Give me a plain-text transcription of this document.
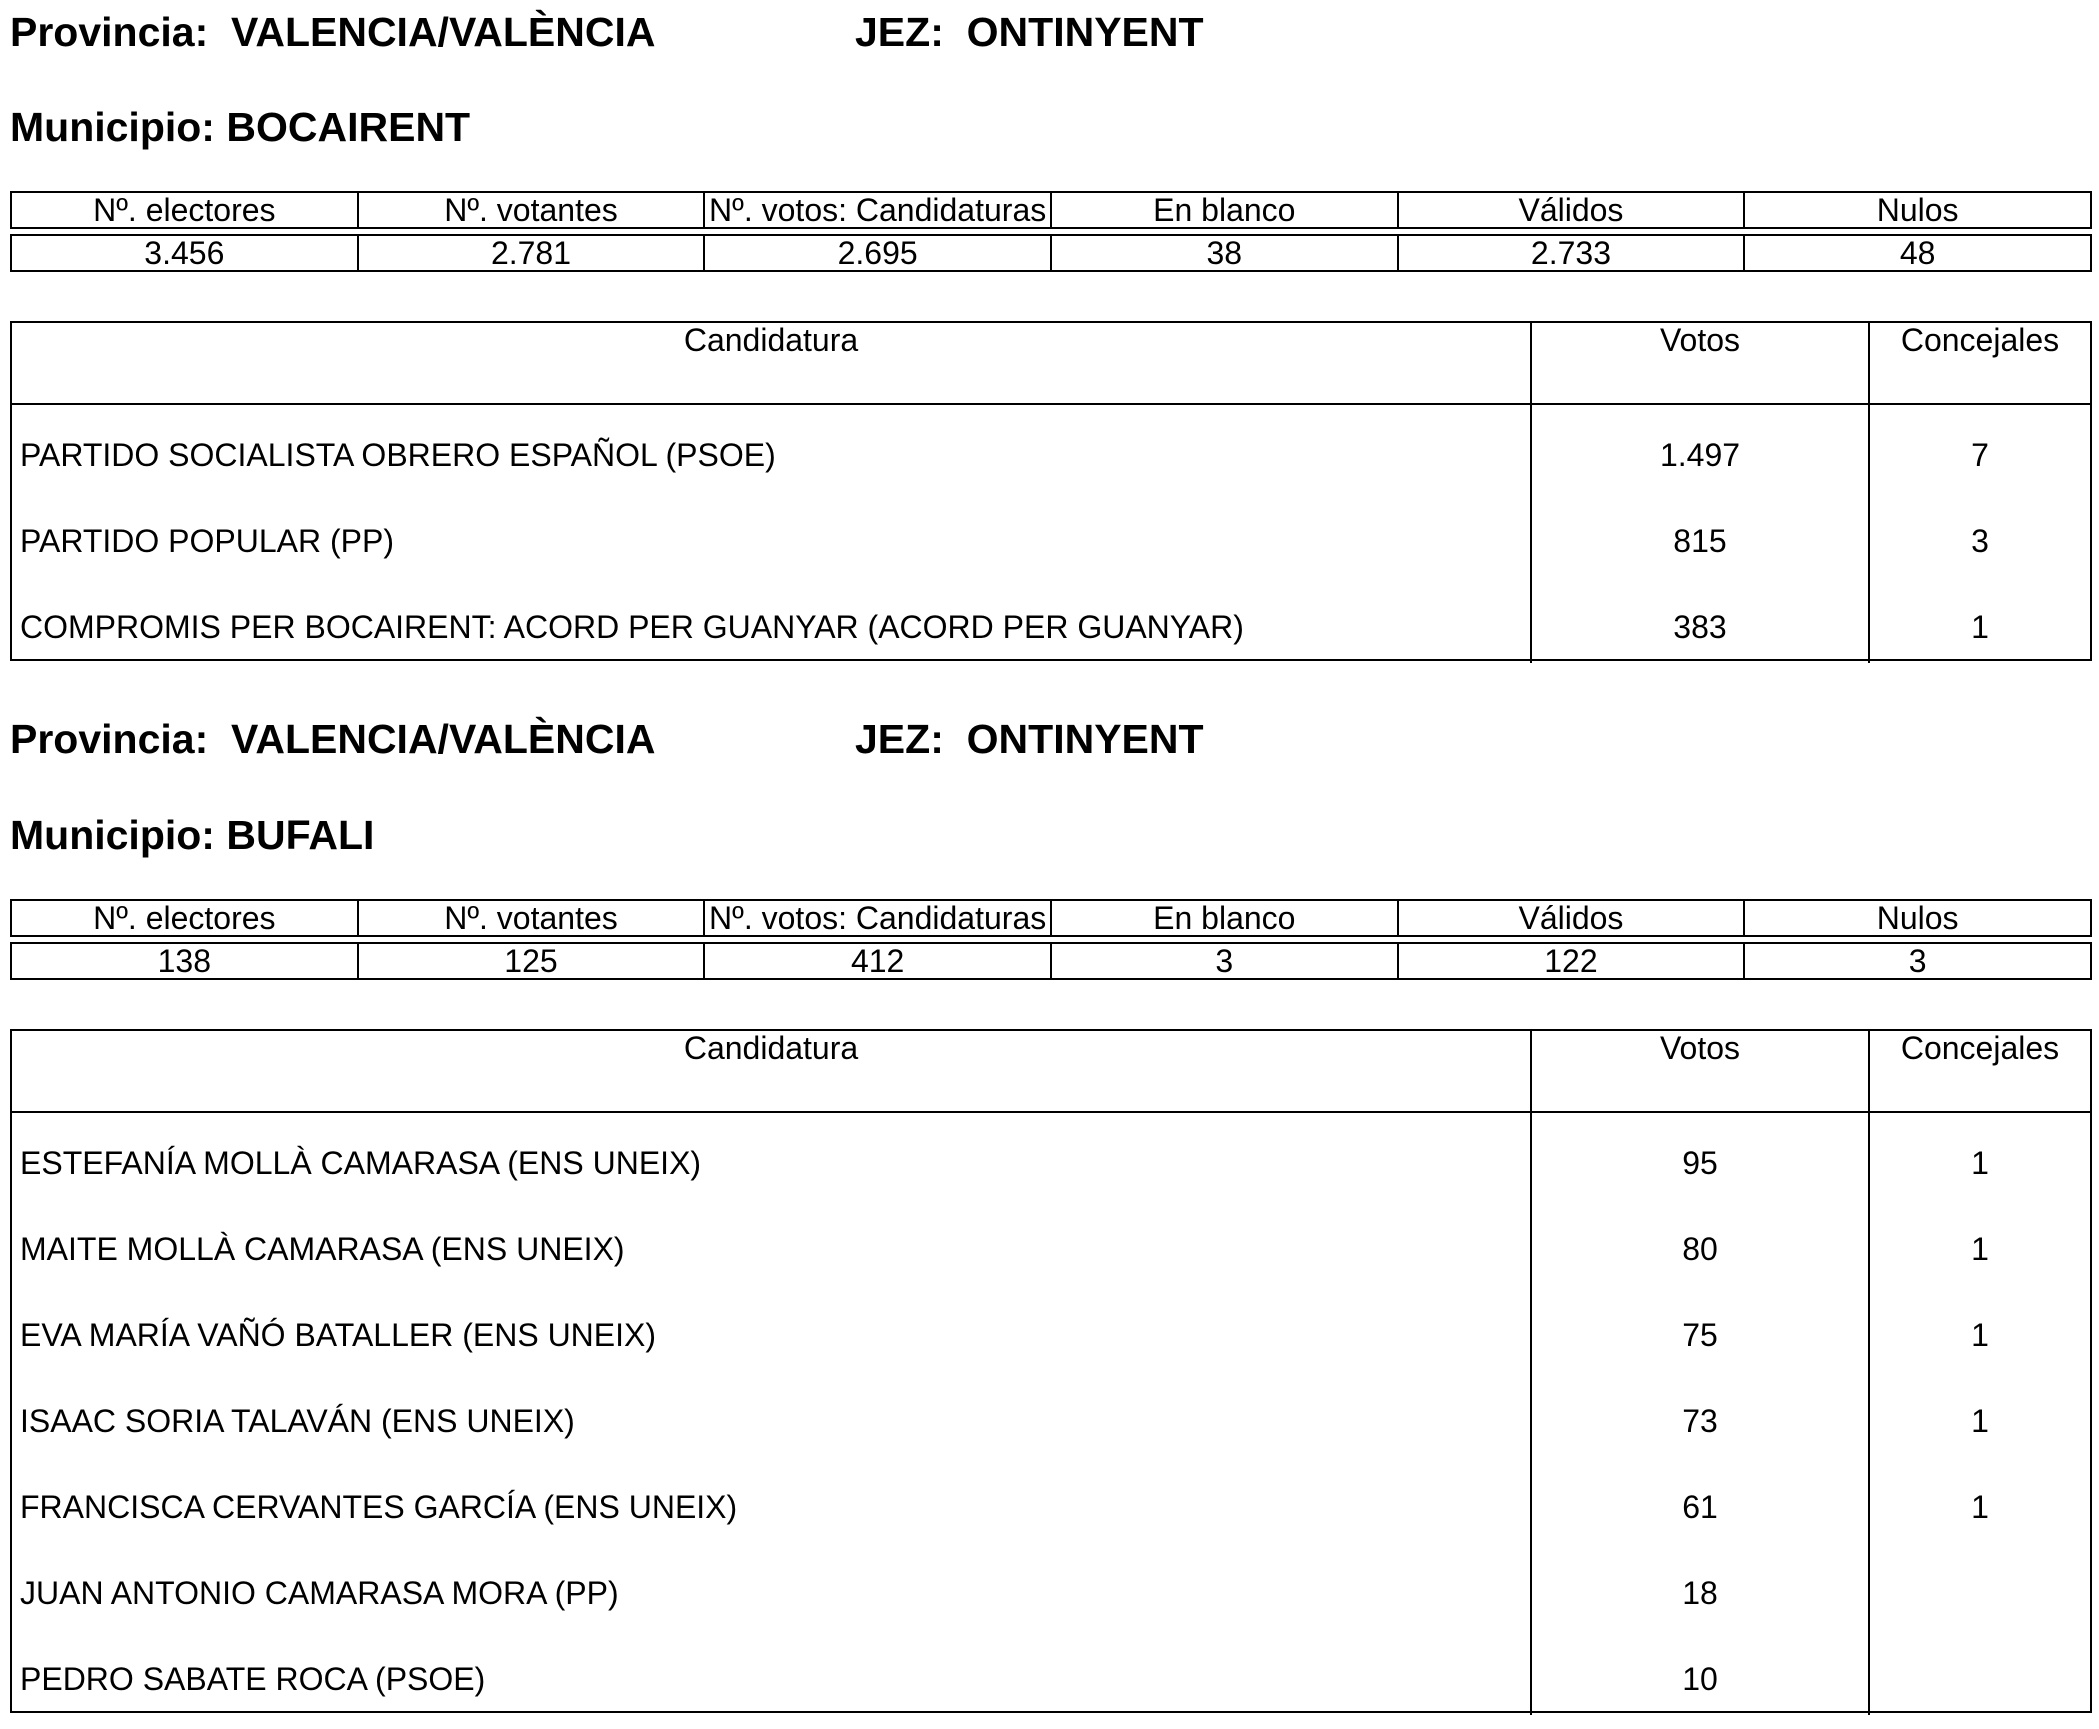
Provincia: VALENCIA/VALÈNCIA	JEZ: ONTINYENT
Municipio: BOCAIRENT
Nº. electores	Nº. votantes	Nº. votos: Candidaturas	En blanco	Válidos	Nulos
3.456	2.781	2.695	38	2.733	48
Candidatura	Votos	Concejales
PARTIDO SOCIALISTA OBRERO ESPAÑOL (PSOE)	1.497	7
PARTIDO POPULAR (PP)	815	3
COMPROMIS PER BOCAIRENT: ACORD PER GUANYAR (ACORD PER GUANYAR)	383	1
Provincia: VALENCIA/VALÈNCIA	JEZ: ONTINYENT
Municipio: BUFALI
Nº. electores	Nº. votantes	Nº. votos: Candidaturas	En blanco	Válidos	Nulos
138	125	412	3	122	3
Candidatura	Votos	Concejales
ESTEFANÍA MOLLÀ CAMARASA (ENS UNEIX)	95	1
MAITE MOLLÀ CAMARASA (ENS UNEIX)	80	1
EVA MARÍA VAÑÓ BATALLER (ENS UNEIX)	75	1
ISAAC SORIA TALAVÁN (ENS UNEIX)	73	1
FRANCISCA CERVANTES GARCÍA (ENS UNEIX)	61	1
JUAN ANTONIO CAMARASA MORA (PP)	18
PEDRO SABATE ROCA (PSOE)	10
